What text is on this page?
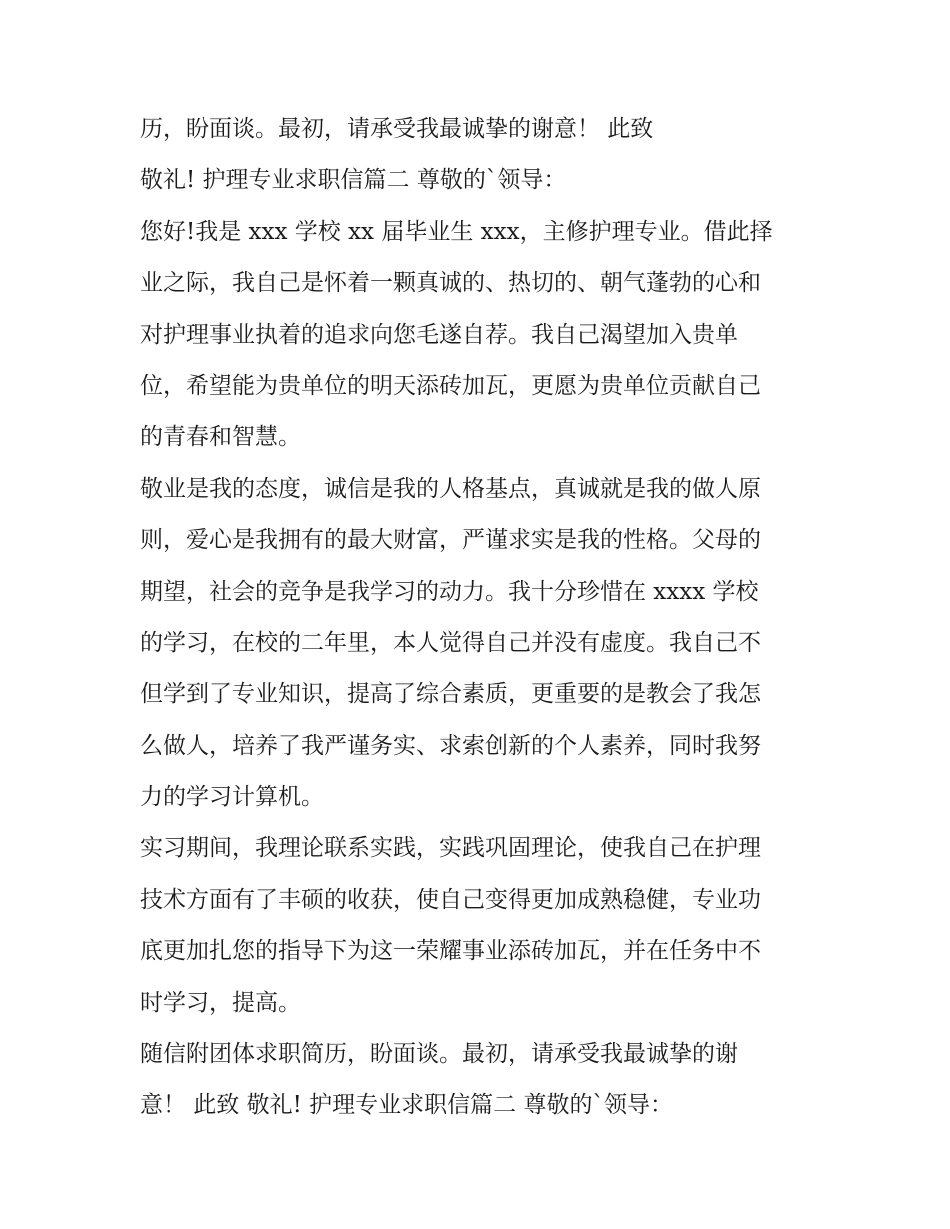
历，盼面谈。最初，请承受我最诚挚的谢意！ 此致
敬礼! 护理专业求职信篇二 尊敬的`领导：
您好!我是 xxx 学校 xx 届毕业生 xxx，主修护理专业。借此择
业之际，我自己是怀着一颗真诚的、热切的、朝气蓬勃的心和
对护理事业执着的追求向您毛遂自荐。我自己渴望加入贵单
位，希望能为贵单位的明天添砖加瓦，更愿为贵单位贡献自己
的青春和智慧。
敬业是我的态度，诚信是我的人格基点，真诚就是我的做人原
则，爱心是我拥有的最大财富，严谨求实是我的性格。父母的
期望，社会的竞争是我学习的动力。我十分珍惜在 xxxx 学校
的学习，在校的二年里，本人觉得自己并没有虚度。我自己不
但学到了专业知识，提高了综合素质，更重要的是教会了我怎
么做人，培养了我严谨务实、求索创新的个人素养，同时我努
力的学习计算机。
实习期间，我理论联系实践，实践巩固理论，使我自己在护理
技术方面有了丰硕的收获，使自己变得更加成熟稳健，专业功
底更加扎您的指导下为这一荣耀事业添砖加瓦，并在任务中不
时学习，提高。
随信附团体求职简历，盼面谈。最初，请承受我最诚挚的谢
意！ 此致 敬礼! 护理专业求职信篇二 尊敬的`领导：
